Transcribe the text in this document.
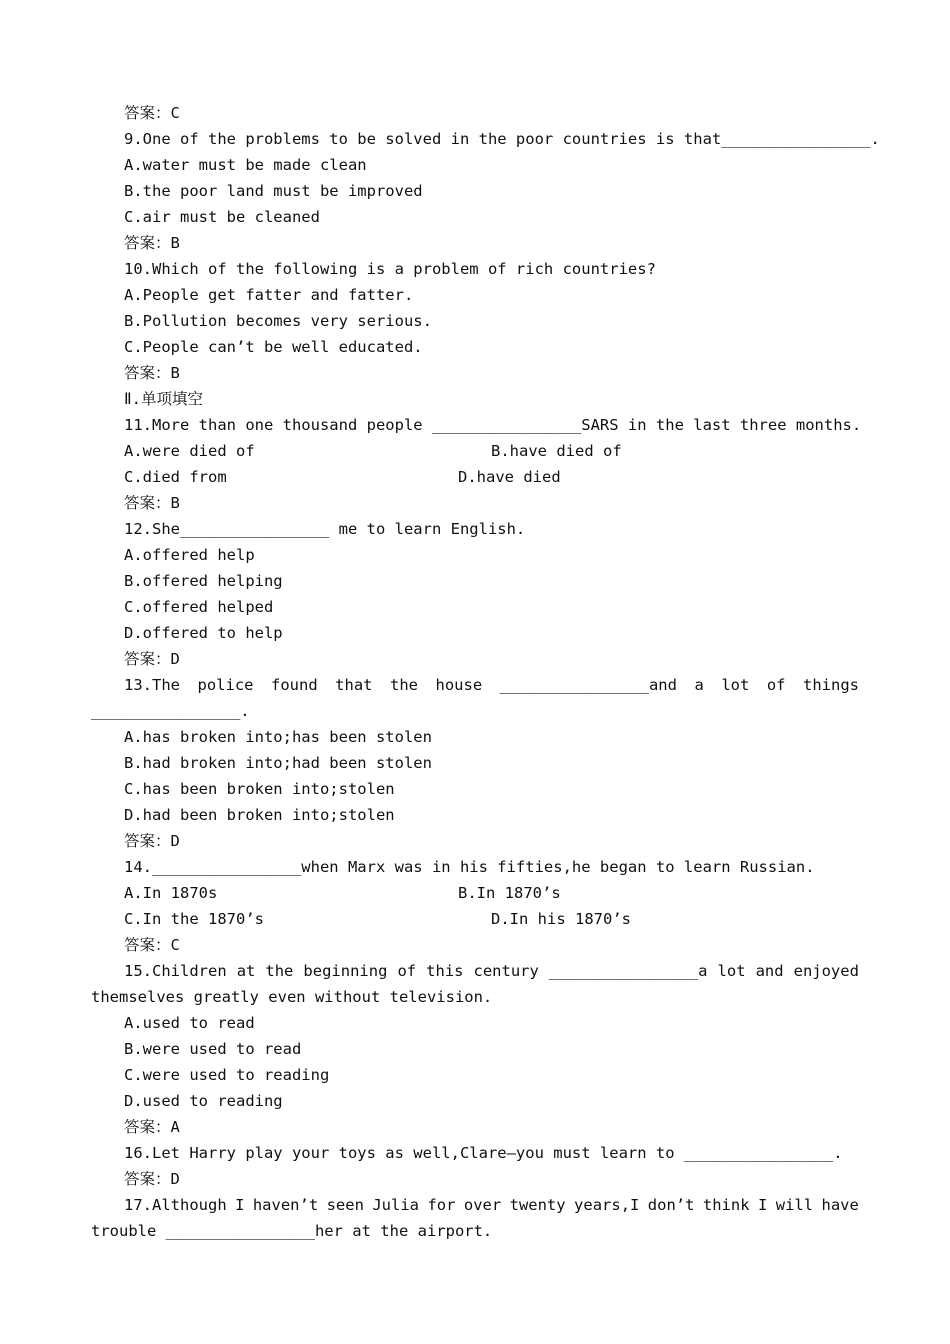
答案：C
9.One of the problems to be solved in the poor countries is that________________.
A.water must be made clean
B.the poor land must be improved
C.air must be cleaned
答案：B
10.Which of the following is a problem of rich countries?
A.People get fatter and fatter.
B.Pollution becomes very serious.
C.People can’t be well educated.
答案：B
Ⅱ.单项填空
11.More than one thousand people ________________SARS in the last three months.
A.were died of	B.have died of
C.died from	D.have died
答案：B
12.She________________ me to learn English.
A.offered help
B.offered helping
C.offered helped
D.offered to help
答案：D
13.The police found that the house ________________and a lot of things
________________.
A.has broken into;has been stolen
B.had broken into;had been stolen
C.has been broken into;stolen
D.had been broken into;stolen
答案：D
14.________________when Marx was in his fifties,he began to learn Russian.
A.In 1870s	B.In 1870’s
C.In the 1870’s	D.In his 1870’s
答案：C
15.Children at the beginning of this century ________________a lot and enjoyed
themselves greatly even without television.
A.used to read
B.were used to read
C.were used to reading
D.used to reading
答案：A
16.Let Harry play your toys as well,Clare—you must learn to ________________.
答案：D
17.Although I haven’t seen Julia for over twenty years,I don’t think I will have
trouble ________________her at the airport.
